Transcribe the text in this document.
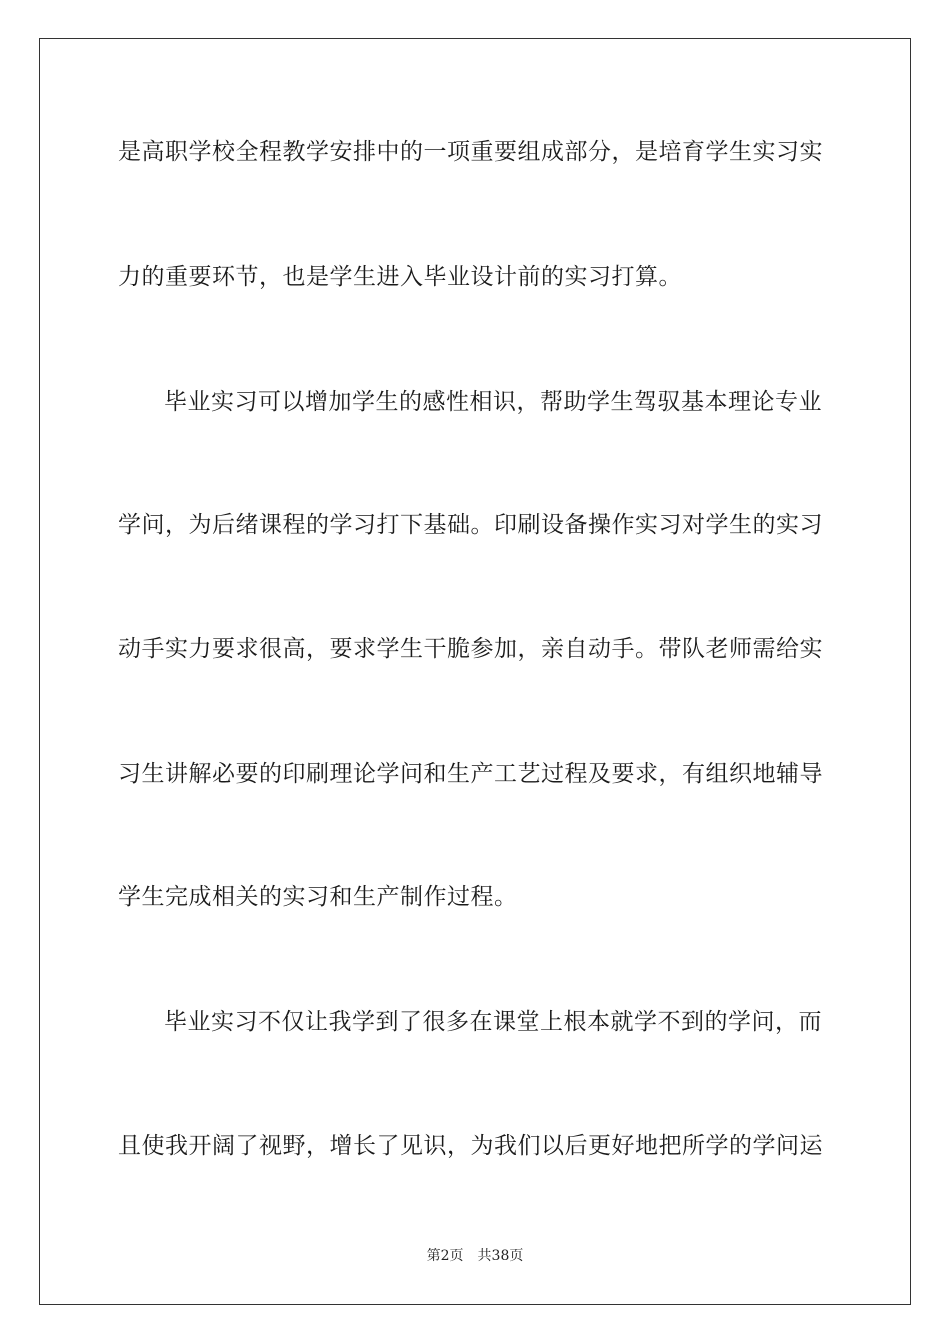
是高职学校全程教学安排中的一项重要组成部分，是培育学生实习实
力的重要环节，也是学生进入毕业设计前的实习打算。
毕业实习可以增加学生的感性相识，帮助学生驾驭基本理论专业
学问，为后绪课程的学习打下基础。印刷设备操作实习对学生的实习
动手实力要求很高，要求学生干脆参加，亲自动手。带队老师需给实
习生讲解必要的印刷理论学问和生产工艺过程及要求，有组织地辅导
学生完成相关的实习和生产制作过程。
毕业实习不仅让我学到了很多在课堂上根本就学不到的学问，而
且使我开阔了视野，增长了见识，为我们以后更好地把所学的学问运
第2页 共38页
